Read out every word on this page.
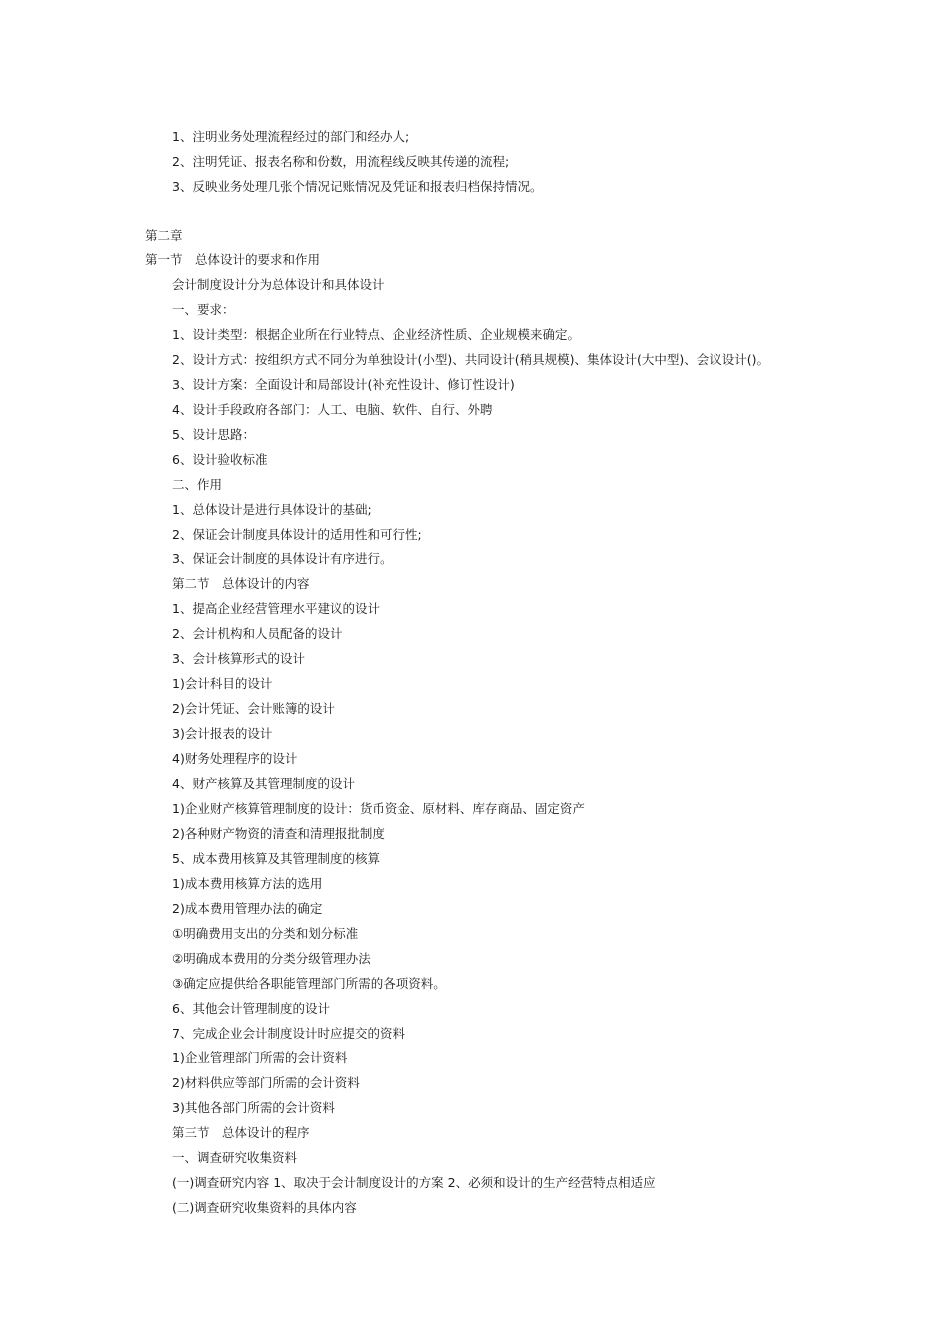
1、注明业务处理流程经过的部门和经办人;
2、注明凭证、报表名称和份数，用流程线反映其传递的流程;
3、反映业务处理几张个情况记账情况及凭证和报表归档保持情况。
第二章
第一节　总体设计的要求和作用
会计制度设计分为总体设计和具体设计
一、要求：
1、设计类型：根据企业所在行业特点、企业经济性质、企业规模来确定。
2、设计方式：按组织方式不同分为单独设计(小型)、共同设计(稍具规模)、集体设计(大中型)、会议设计()。
3、设计方案：全面设计和局部设计(补充性设计、修订性设计)
4、设计手段政府各部门：人工、电脑、软件、自行、外聘
5、设计思路：
6、设计验收标准
二、作用
1、总体设计是进行具体设计的基础;
2、保证会计制度具体设计的适用性和可行性;
3、保证会计制度的具体设计有序进行。
第二节　总体设计的内容
1、提高企业经营管理水平建议的设计
2、会计机构和人员配备的设计
3、会计核算形式的设计
1)会计科目的设计
2)会计凭证、会计账簿的设计
3)会计报表的设计
4)财务处理程序的设计
4、财产核算及其管理制度的设计
1)企业财产核算管理制度的设计：货币资金、原材料、库存商品、固定资产
2)各种财产物资的清查和清理报批制度
5、成本费用核算及其管理制度的核算
1)成本费用核算方法的选用
2)成本费用管理办法的确定
①明确费用支出的分类和划分标准
②明确成本费用的分类分级管理办法
③确定应提供给各职能管理部门所需的各项资料。
6、其他会计管理制度的设计
7、完成企业会计制度设计时应提交的资料
1)企业管理部门所需的会计资料
2)材料供应等部门所需的会计资料
3)其他各部门所需的会计资料
第三节　总体设计的程序
一、调查研究收集资料
(一)调查研究内容 1、取决于会计制度设计的方案 2、必须和设计的生产经营特点相适应
(二)调查研究收集资料的具体内容
